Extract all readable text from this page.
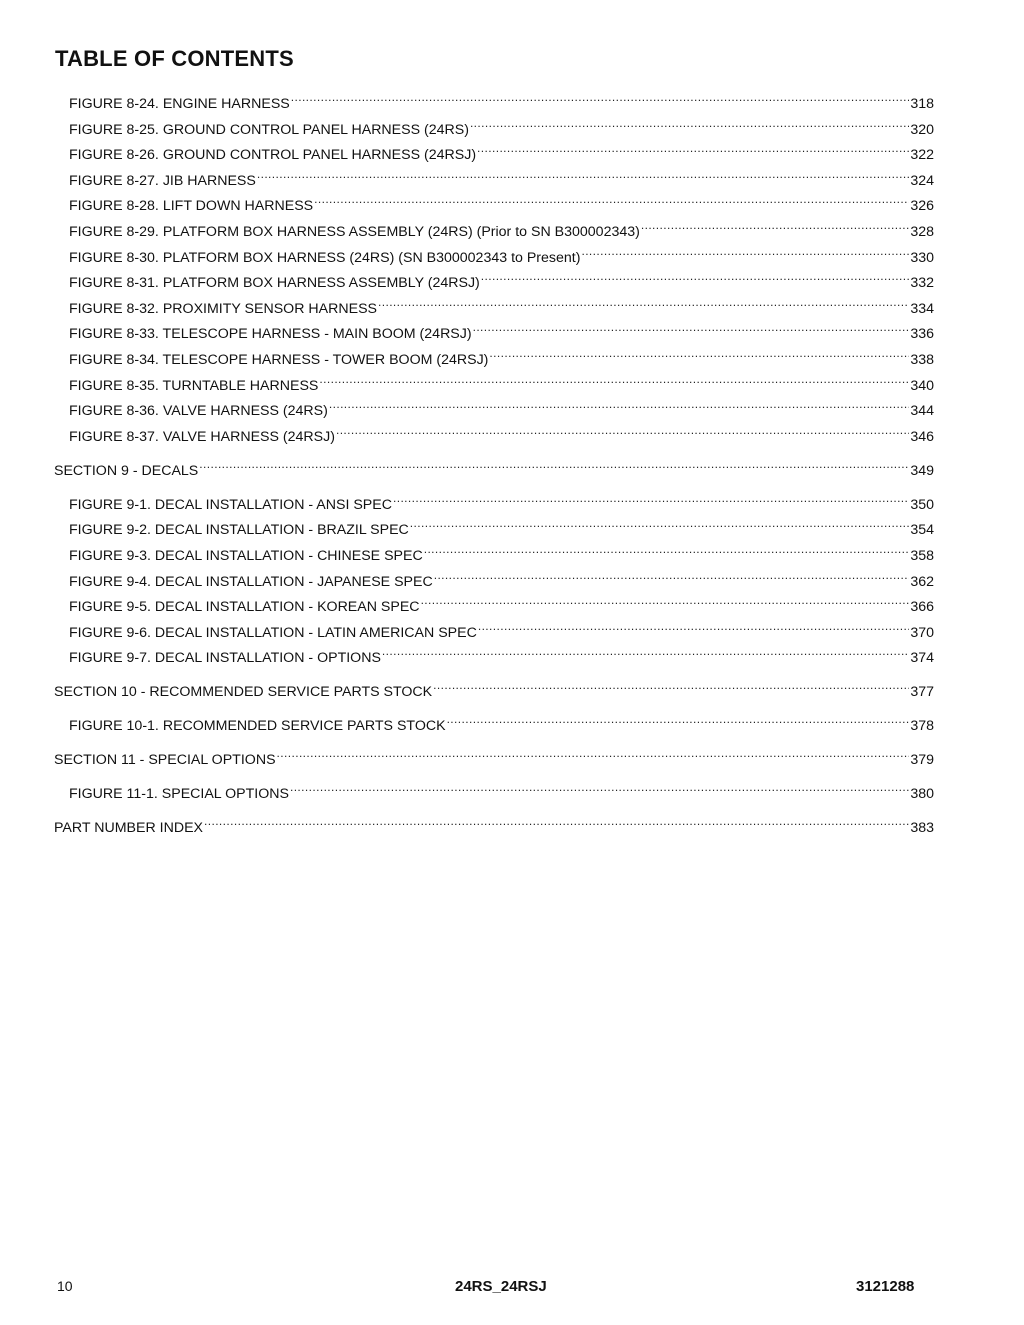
TABLE OF CONTENTS
FIGURE 8-24. ENGINE HARNESS .....	318
FIGURE 8-25. GROUND CONTROL PANEL HARNESS (24RS) .....	320
FIGURE 8-26. GROUND CONTROL PANEL HARNESS (24RSJ) .....	322
FIGURE 8-27. JIB HARNESS .....	324
FIGURE 8-28. LIFT DOWN HARNESS .....	326
FIGURE 8-29. PLATFORM BOX HARNESS ASSEMBLY (24RS) (Prior to SN B300002343) .....	328
FIGURE 8-30. PLATFORM BOX HARNESS (24RS) (SN B300002343 to Present) .....	330
FIGURE 8-31. PLATFORM BOX HARNESS ASSEMBLY (24RSJ) .....	332
FIGURE 8-32. PROXIMITY SENSOR HARNESS .....	334
FIGURE 8-33. TELESCOPE HARNESS - MAIN BOOM (24RSJ) .....	336
FIGURE 8-34. TELESCOPE HARNESS - TOWER BOOM (24RSJ) .....	338
FIGURE 8-35. TURNTABLE HARNESS .....	340
FIGURE 8-36. VALVE HARNESS (24RS) .....	344
FIGURE 8-37. VALVE HARNESS (24RSJ) .....	346
SECTION 9 - DECALS .....	349
FIGURE 9-1. DECAL INSTALLATION - ANSI SPEC .....	350
FIGURE 9-2. DECAL INSTALLATION - BRAZIL SPEC .....	354
FIGURE 9-3. DECAL INSTALLATION - CHINESE SPEC .....	358
FIGURE 9-4. DECAL INSTALLATION - JAPANESE SPEC .....	362
FIGURE 9-5. DECAL INSTALLATION - KOREAN SPEC .....	366
FIGURE 9-6. DECAL INSTALLATION - LATIN AMERICAN SPEC .....	370
FIGURE 9-7. DECAL INSTALLATION - OPTIONS .....	374
SECTION 10 - RECOMMENDED SERVICE PARTS STOCK .....	377
FIGURE 10-1. RECOMMENDED SERVICE PARTS STOCK .....	378
SECTION 11 - SPECIAL OPTIONS .....	379
FIGURE 11-1. SPECIAL OPTIONS .....	380
PART NUMBER INDEX .....	383
10	24RS_24RSJ	3121288
